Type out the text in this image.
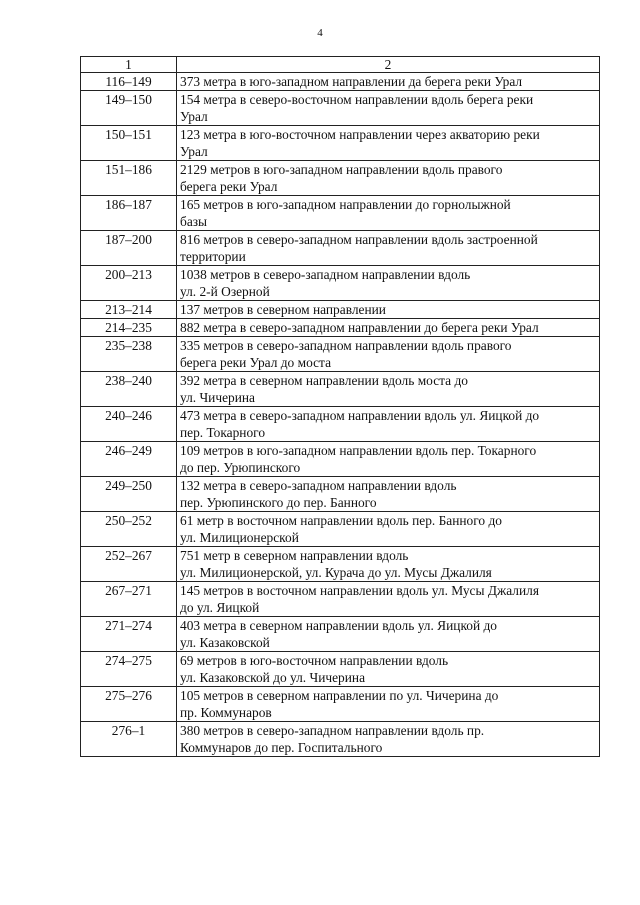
4
1	2
116–149	373 метра в юго-западном направлении да берега реки Урал

149–150	154 метра в северо-восточном направлении вдоль берега реки
Урал

150–151	123 метра в юго-восточном направлении через акваторию реки
Урал

151–186	2129 метров в юго-западном направлении вдоль правого
берега реки Урал

186–187	165 метров в юго-западном направлении до горнолыжной
базы

187–200	816 метров в северо-западном направлении вдоль застроенной
территории

200–213	1038 метров в северо-западном направлении вдоль
ул. 2-й Озерной

213–214	137 метров в северном направлении

214–235	882 метра в северо-западном направлении до берега реки Урал

235–238	335 метров в северо-западном направлении вдоль правого
берега реки Урал до моста

238–240	392 метра в северном направлении вдоль моста до
ул. Чичерина

240–246	473 метра в северо-западном направлении вдоль ул. Яицкой до
пер. Токарного

246–249	109 метров в юго-западном направлении вдоль пер. Токарного
до пер. Урюпинского

249–250	132 метра в северо-западном направлении вдоль
пер. Урюпинского до пер. Банного

250–252	61 метр в восточном направлении вдоль пер. Банного до
ул. Милиционерской

252–267	751 метр в северном направлении вдоль
ул. Милиционерской, ул. Курача до ул. Мусы Джалиля

267–271	145 метров в восточном направлении вдоль ул. Мусы Джалиля
до ул. Яицкой

271–274	403 метра в северном направлении вдоль ул. Яицкой до
ул. Казаковской

274–275	69 метров в юго-восточном направлении вдоль
ул. Казаковской до ул. Чичерина

275–276	105 метров в северном направлении по ул. Чичерина до
пр. Коммунаров

276–1	380 метров в северо-западном направлении вдоль пр.
Коммунаров до пер. Госпитального
